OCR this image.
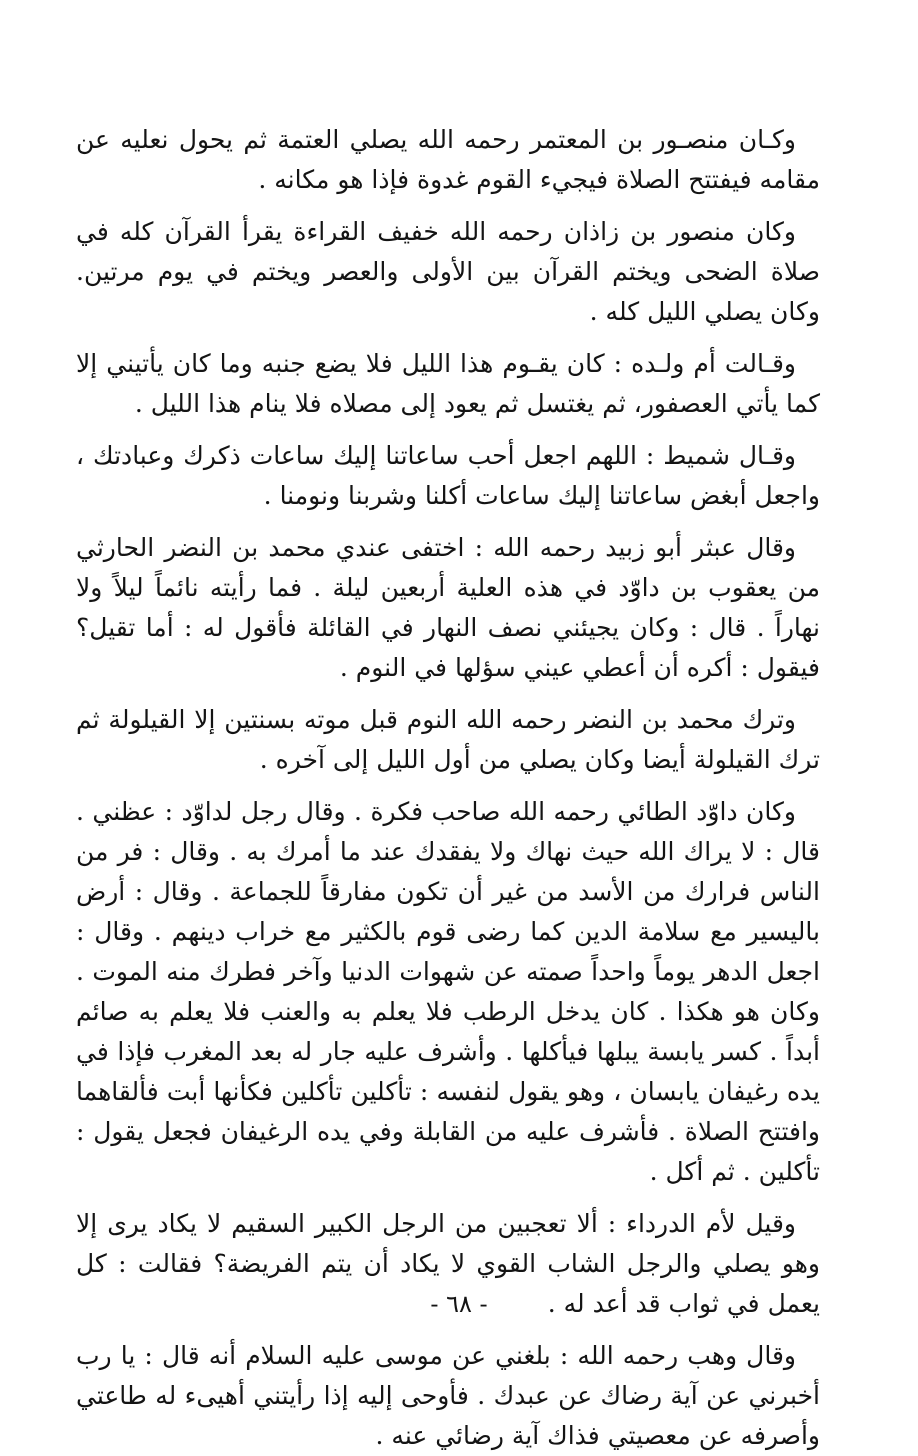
وكـان منصـور بن المعتمر رحمه الله يصلي العتمة ثم يحول نعليه عن مقامه فيفتتح الصلاة فيجيء القوم غدوة فإذا هو مكانه .

وكان منصور بن زاذان رحمه الله خفيف القراءة يقرأ القرآن كله في صلاة الضحى ويختم القرآن بين الأولى والعصر ويختم في يوم مرتين. وكان يصلي الليل كله .

وقـالت أم ولـده : كان يقـوم هذا الليل فلا يضع جنبه وما كان يأتيني إلا كما يأتي العصفور، ثم يغتسل ثم يعود إلى مصلاه فلا ينام هذا الليل .

وقـال شميط : اللهم اجعل أحب ساعاتنا إليك ساعات ذكرك وعبادتك ، واجعل أبغض ساعاتنا إليك ساعات أكلنا وشربنا ونومنا .

وقال عبثر أبو زبيد رحمه الله : اختفى عندي محمد بن النضر الحارثي من يعقوب بن داوّد في هذه العلية أربعين ليلة . فما رأيته نائماً ليلاً ولا نهاراً . قال : وكان يجيئني نصف النهار في القائلة فأقول له : أما تقيل؟ فيقول : أكره أن أعطي عيني سؤلها في النوم .

وترك محمد بن النضر رحمه الله النوم قبل موته بسنتين إلا القيلولة ثم ترك القيلولة أيضا وكان يصلي من أول الليل إلى آخره .

وكان داوّد الطائي رحمه الله صاحب فكرة . وقال رجل لداوّد : عظني . قال : لا يراك الله حيث نهاك ولا يفقدك عند ما أمرك به . وقال : فر من الناس فرارك من الأسد من غير أن تكون مفارقاً للجماعة . وقال : أرض باليسير مع سلامة الدين كما رضى قوم بالكثير مع خراب دينهم . وقال : اجعل الدهر يوماً واحداً صمته عن شهوات الدنيا وآخر فطرك منه الموت . وكان هو هكذا . كان يدخل الرطب فلا يعلم به والعنب فلا يعلم به صائم أبداً . كسر يابسة يبلها فيأكلها . وأشرف عليه جار له بعد المغرب فإذا في يده رغيفان يابسان ، وهو يقول لنفسه : تأكلين تأكلين فكأنها أبت فألقاهما وافتتح الصلاة . فأشرف عليه من القابلة وفي يده الرغيفان فجعل يقول : تأكلين . ثم أكل .

وقيل لأم الدرداء : ألا تعجبين من الرجل الكبير السقيم لا يكاد يرى إلا وهو يصلي والرجل الشاب القوي لا يكاد أن يتم الفريضة؟ فقالت : كل يعمل في ثواب قد أعد له .

وقال وهب رحمه الله : بلغني عن موسى عليه السلام أنه قال : يا رب أخبرني عن آية رضاك عن عبدك . فأوحى إليه إذا رأيتني أهيىء له طاعتي وأصرفه عن معصيتي فذاك آية رضائي عنه .

- ٦٨ -
